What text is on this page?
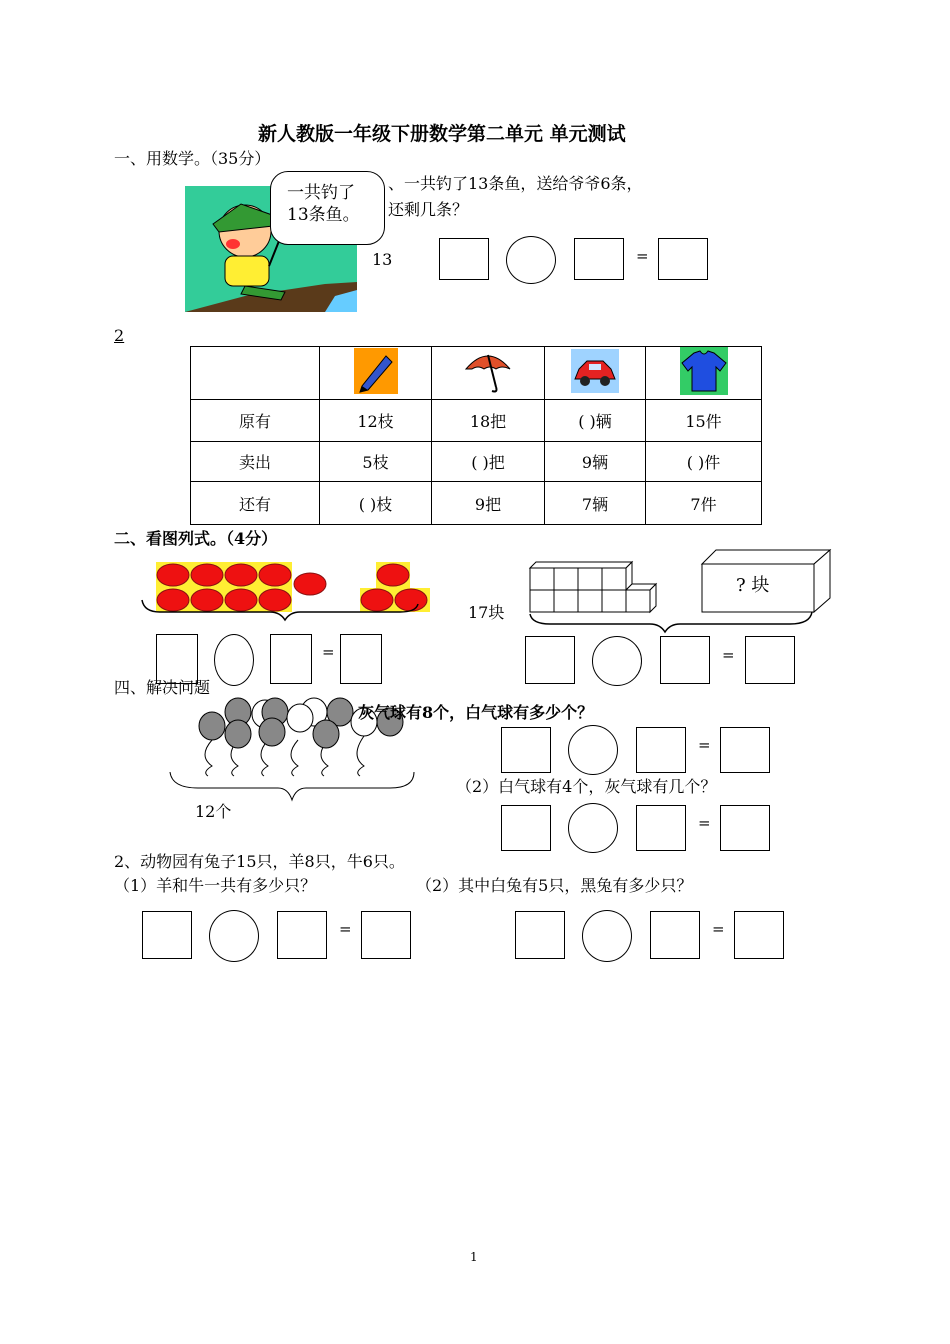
新人教版一年级下册数学第二单元 单元测试
一、用数学。（35分）
一共钓了
13条鱼。
、一共钓了13条鱼，送给爷爷6条，
还剩几条？
13	=
2

原有	12枝	18把	( )辆	15件
卖出	5枝	( )把	9辆	( )件
还有	( )枝	9把	7辆	7件
二、看图列式。（4分）
=
? 块
17块
=
四、解决问题
12个
灰气球有8个，白气球有多少个？
=
（2）白气球有4个，灰气球有几个？
=
2、动物园有兔子15只，羊8只，牛6只。
（1）羊和牛一共有多少只？	（2）其中白兔有5只，黑兔有多少只？
=	=
1
